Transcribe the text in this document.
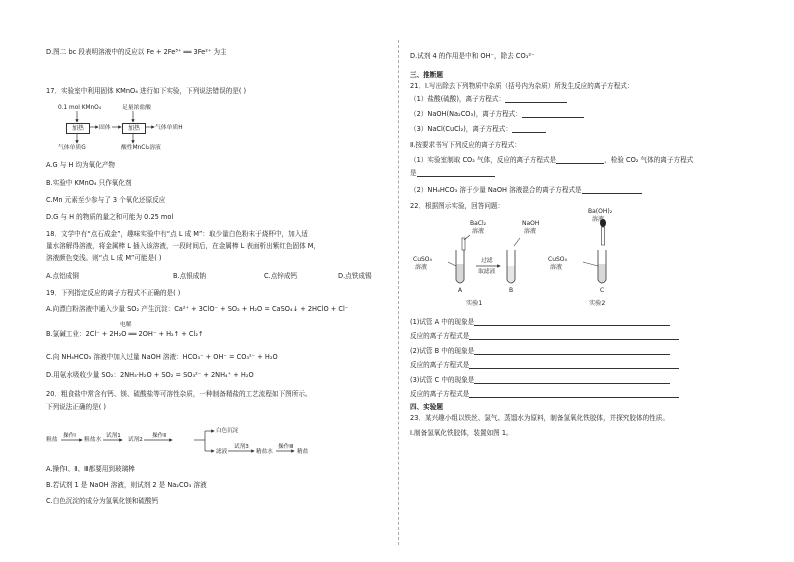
D.图二 bc 段表明溶液中的反应以 Fe + 2Fe³⁺ ══ 3Fe²⁺ 为主
17．实验室中利用固体 KMnO₄ 进行如下实验，下列说法错误的是( )
0.1 mol KMnO₄	足量浓盐酸
加热	固体	加热	气体单质H
气体单质G	酸性MnCl₂溶液
A.G 与 H 均为氧化产物
B.实验中 KMnO₄ 只作氧化剂
C.Mn 元素至少参与了 3 个氧化还原反应
D.G 与 H 的物质的量之和可能为 0.25 mol
18．文学中有“点石成金”，趣味实验中有“点 L 成 M”：取少量白色粉末于烧杯中，加入适
量水溶解得溶液，将金属棒 L 插入该溶液，一段时间后，在金属棒 L 表面析出紫红色固体 M，
溶液颜色变浅。则“点 L 成 M”可能是( )
A.点铝成铜	B.点银成钠	C.点锌成钙	D.点铁成锡
19．下列指定反应的离子方程式不正确的是( )
A.向漂白粉溶液中通入少量 SO₂ 产生沉淀：Ca²⁺ + 3ClO⁻ + SO₂ + H₂O = CaSO₄↓ + 2HClO + Cl⁻
电解
B.氯碱工业：2Cl⁻ + 2H₂O ══ 2OH⁻ + H₂↑ + Cl₂↑
C.向 NH₄HCO₃ 溶液中加入过量 NaOH 溶液：HCO₃⁻ + OH⁻ = CO₃²⁻ + H₂O
D.用氨水吸收少量 SO₂：2NH₃·H₂O + SO₂ = SO₃²⁻ + 2NH₄⁺ + H₂O
20．粗食盐中常含有钙、镁、硫酸盐等可溶性杂质，一种制备精盐的工艺流程如下图所示。
下列说法正确的是( )
粗盐
操作Ⅰ
粗盐水
试剂1
试剂2
操作Ⅱ
白色沉淀
滤液
试剂3
精盐水
操作Ⅲ
精盐
A.操作Ⅰ、Ⅱ、Ⅲ都要用到玻璃棒
B.若试剂 1 是 NaOH 溶液，则试剂 2 是 Na₂CO₃ 溶液
C.白色沉淀的成分为氢氧化镁和硫酸钙
D.试剂 4 的作用是中和 OH⁻，除去 CO₃²⁻
三、推断题
21．Ⅰ.写出除去下列物质中杂质（括号内为杂质）所发生反应的离子方程式：
（1）盐酸(硫酸)，离子方程式：
（2）NaOH(Na₂CO₃)，离子方程式：
（3）NaCl(CuCl₂)，离子方程式：
Ⅱ.按要求书写下列反应的离子方程式：
（1）实验室制取 CO₂ 气体，反应的离子方程式是	，检验 CO₂ 气体的离子方程式
是
（2）NH₄HCO₃ 溶于少量 NaOH 溶液混合的离子方程式是
22．根据图示实验，回答问题：
BaCl₂
溶液
NaOH
溶液
Ba(OH)₂
溶液
CuSO₄
溶液
过滤
取滤液
CuSO₄
溶液
A	B	C
实验1	实验2
(1)试管 A 中的现象是
反应的离子方程式是
(2)试管 B 中的现象是
反应的离子方程式是
(3)试管 C 中的现象是
反应的离子方程式是
四、实验题
23．某兴趣小组以铁丝、氯气、蒸馏水为原料，制备氢氧化铁胶体，并探究胶体的性质。
Ⅰ.制备氢氧化铁胶体，装置如图 1。
